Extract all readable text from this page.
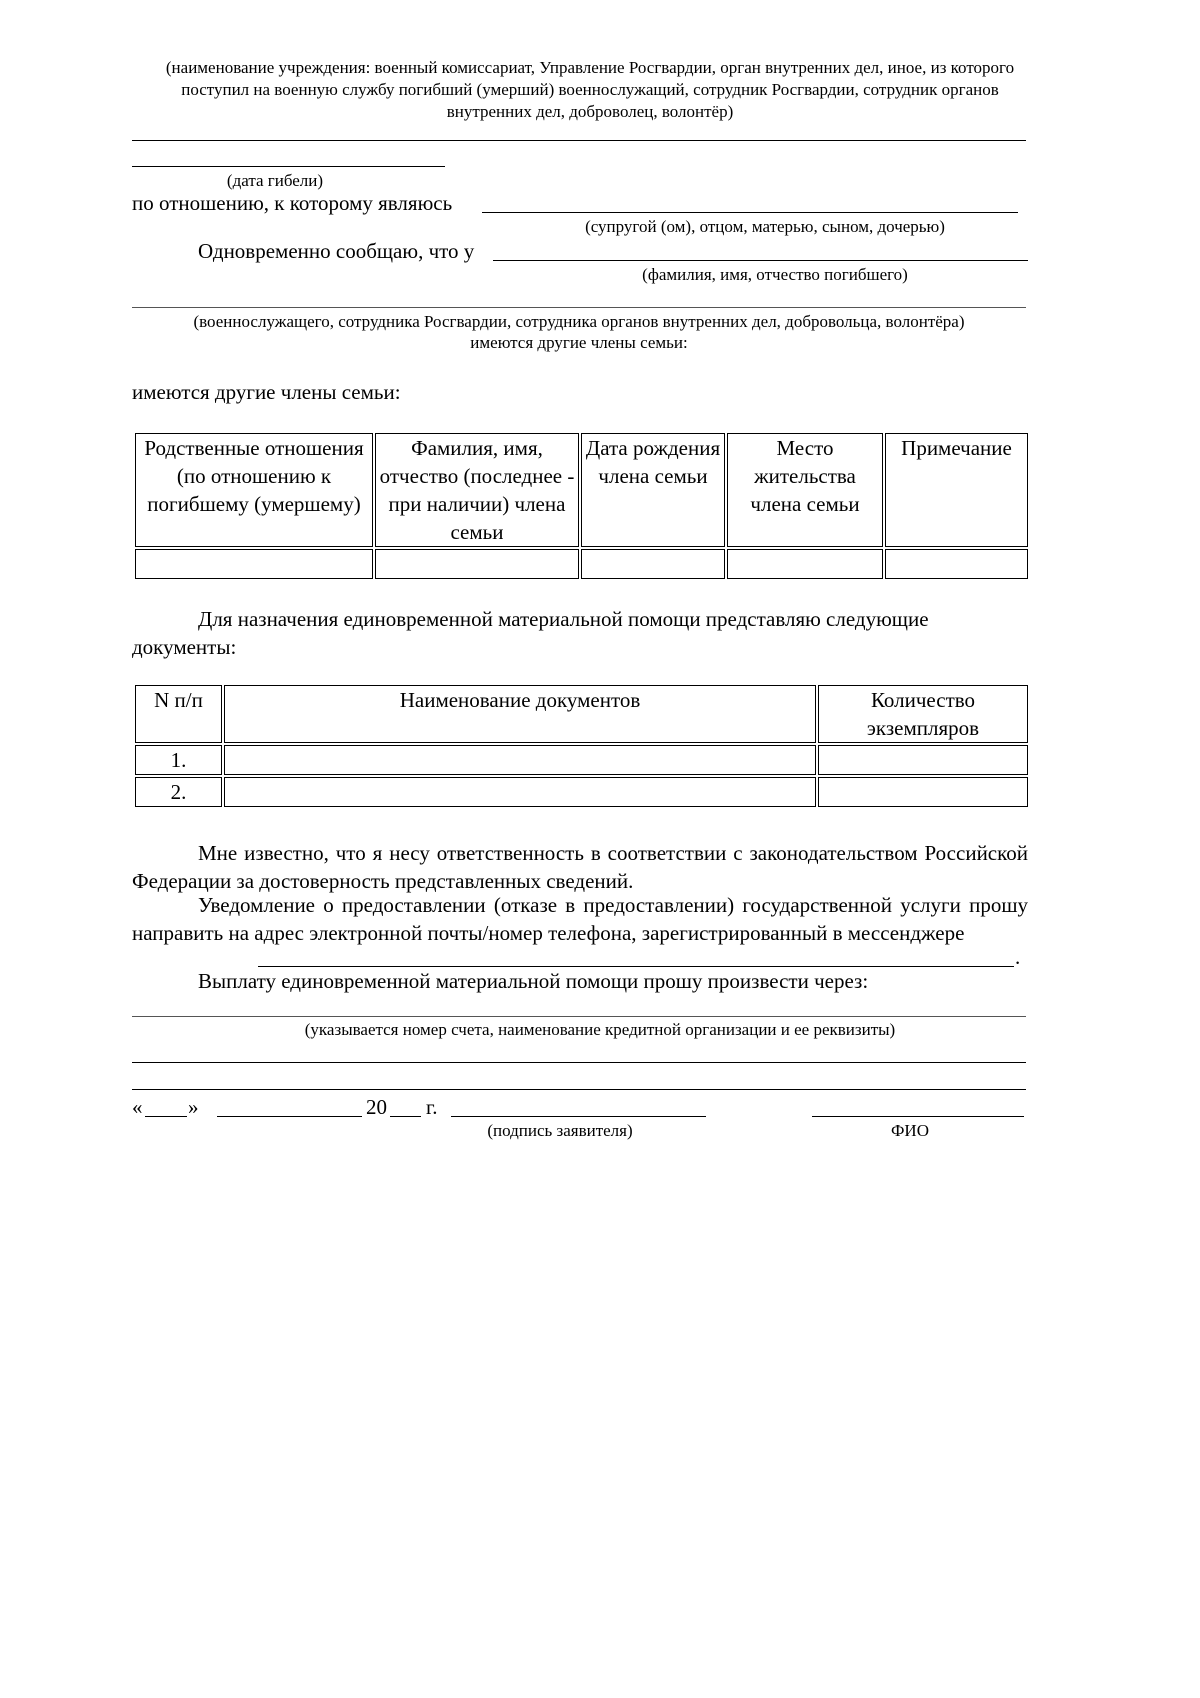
(наименование учреждения: военный комиссариат, Управление Росгвардии, орган внутренних дел, иное, из которого поступил на военную службу погибший (умерший) военнослужащий, сотрудник Росгвардии, сотрудник органов внутренних дел, доброволец, волонтёр)
(дата гибели)
по отношению, к которому являюсь
(супругой (ом), отцом, матерью, сыном, дочерью)
Одновременно сообщаю, что у
(фамилия, имя, отчество погибшего)
(военнослужащего, сотрудника Росгвардии, сотрудника органов внутренних дел, добровольца, волонтёра)
имеются другие члены семьи:
имеются другие члены семьи:
Родственные отношения (по отношению к погибшему (умершему)	Фамилия, имя, отчество (последнее - при наличии) члена семьи	Дата рождения члена семьи	Место жительства члена семьи	Примечание

Для назначения единовременной материальной помощи представляю следующие документы:
N п/п	Наименование документов	Количество экземпляров
1.		
2.		
Мне известно, что я несу ответственность в соответствии с законодательством Российской Федерации за достоверность представленных сведений.
Уведомление о предоставлении (отказе в предоставлении) государственной услуги прошу направить на адрес электронной почты/номер телефона, зарегистрированный в мессенджере
.
Выплату единовременной материальной помощи прошу произвести через:
(указывается номер счета, наименование кредитной организации и ее реквизиты)
« »	20 г.
(подпись заявителя)	ФИО
